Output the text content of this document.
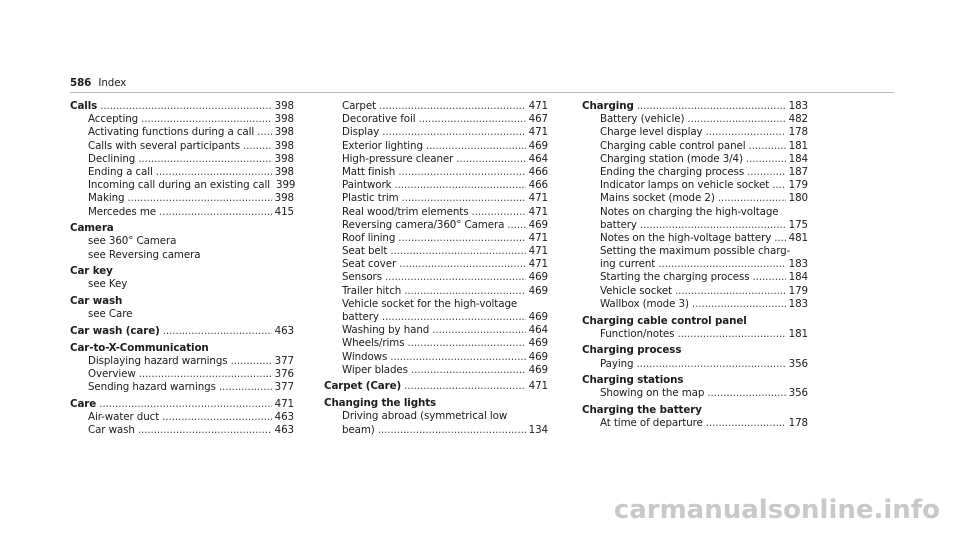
586 Index
Calls .....	398
Accepting .....	398
Activating functions during a call ..... 398
Calls with several participants .....	398
Declining .....	398
Ending a call .....	398
Incoming call during an existing call 399
Making .....	398
Mercedes me .....	415
Camera
see 360° Camera
see Reversing camera
Car key
see Key
Car wash
see Care
Car wash (care) .....	463
Car-to-X-Communication
Displaying hazard warnings .....	377
Overview .....	376
Sending hazard warnings .....	377
Care .....	471
Air-water duct .....	463
Car wash .....	463
Carpet .....	471
Decorative foil .....	467
Display .....	471
Exterior lighting .....	469
High-pressure cleaner .....	464
Matt finish .....	466
Paintwork .....	466
Plastic trim .....	471
Real wood/trim elements .....	471
Reversing camera/360° Camera ..... 469
Roof lining .....	471
Seat belt .....	471
Seat cover .....	471
Sensors .....	469
Trailer hitch .....	469
Vehicle socket for the high-voltage
battery .....	469
Washing by hand .....	464
Wheels/rims .....	469
Windows .....	469
Wiper blades .....	469
Carpet (Care) .....	471
Changing the lights
Driving abroad (symmetrical low
beam) .....	134
Charging .....	183
Battery (vehicle) .....	482
Charge level display .....	178
Charging cable control panel .....	181
Charging station (mode 3/4) .....	184
Ending the charging process .....	187
Indicator lamps on vehicle socket ..... 179
Mains socket (mode 2) .....	180
Notes on charging the high-voltage
battery .....	175
Notes on the high-voltage battery ..... 481
Setting the maximum possible charg-
ing current .....	183
Starting the charging process .....	184
Vehicle socket .....	179
Wallbox (mode 3) .....	183
Charging cable control panel
Function/notes .....	181
Charging process
Paying .....	356
Charging stations
Showing on the map .....	356
Charging the battery
At time of departure .....	178
carmanualsonline.info
